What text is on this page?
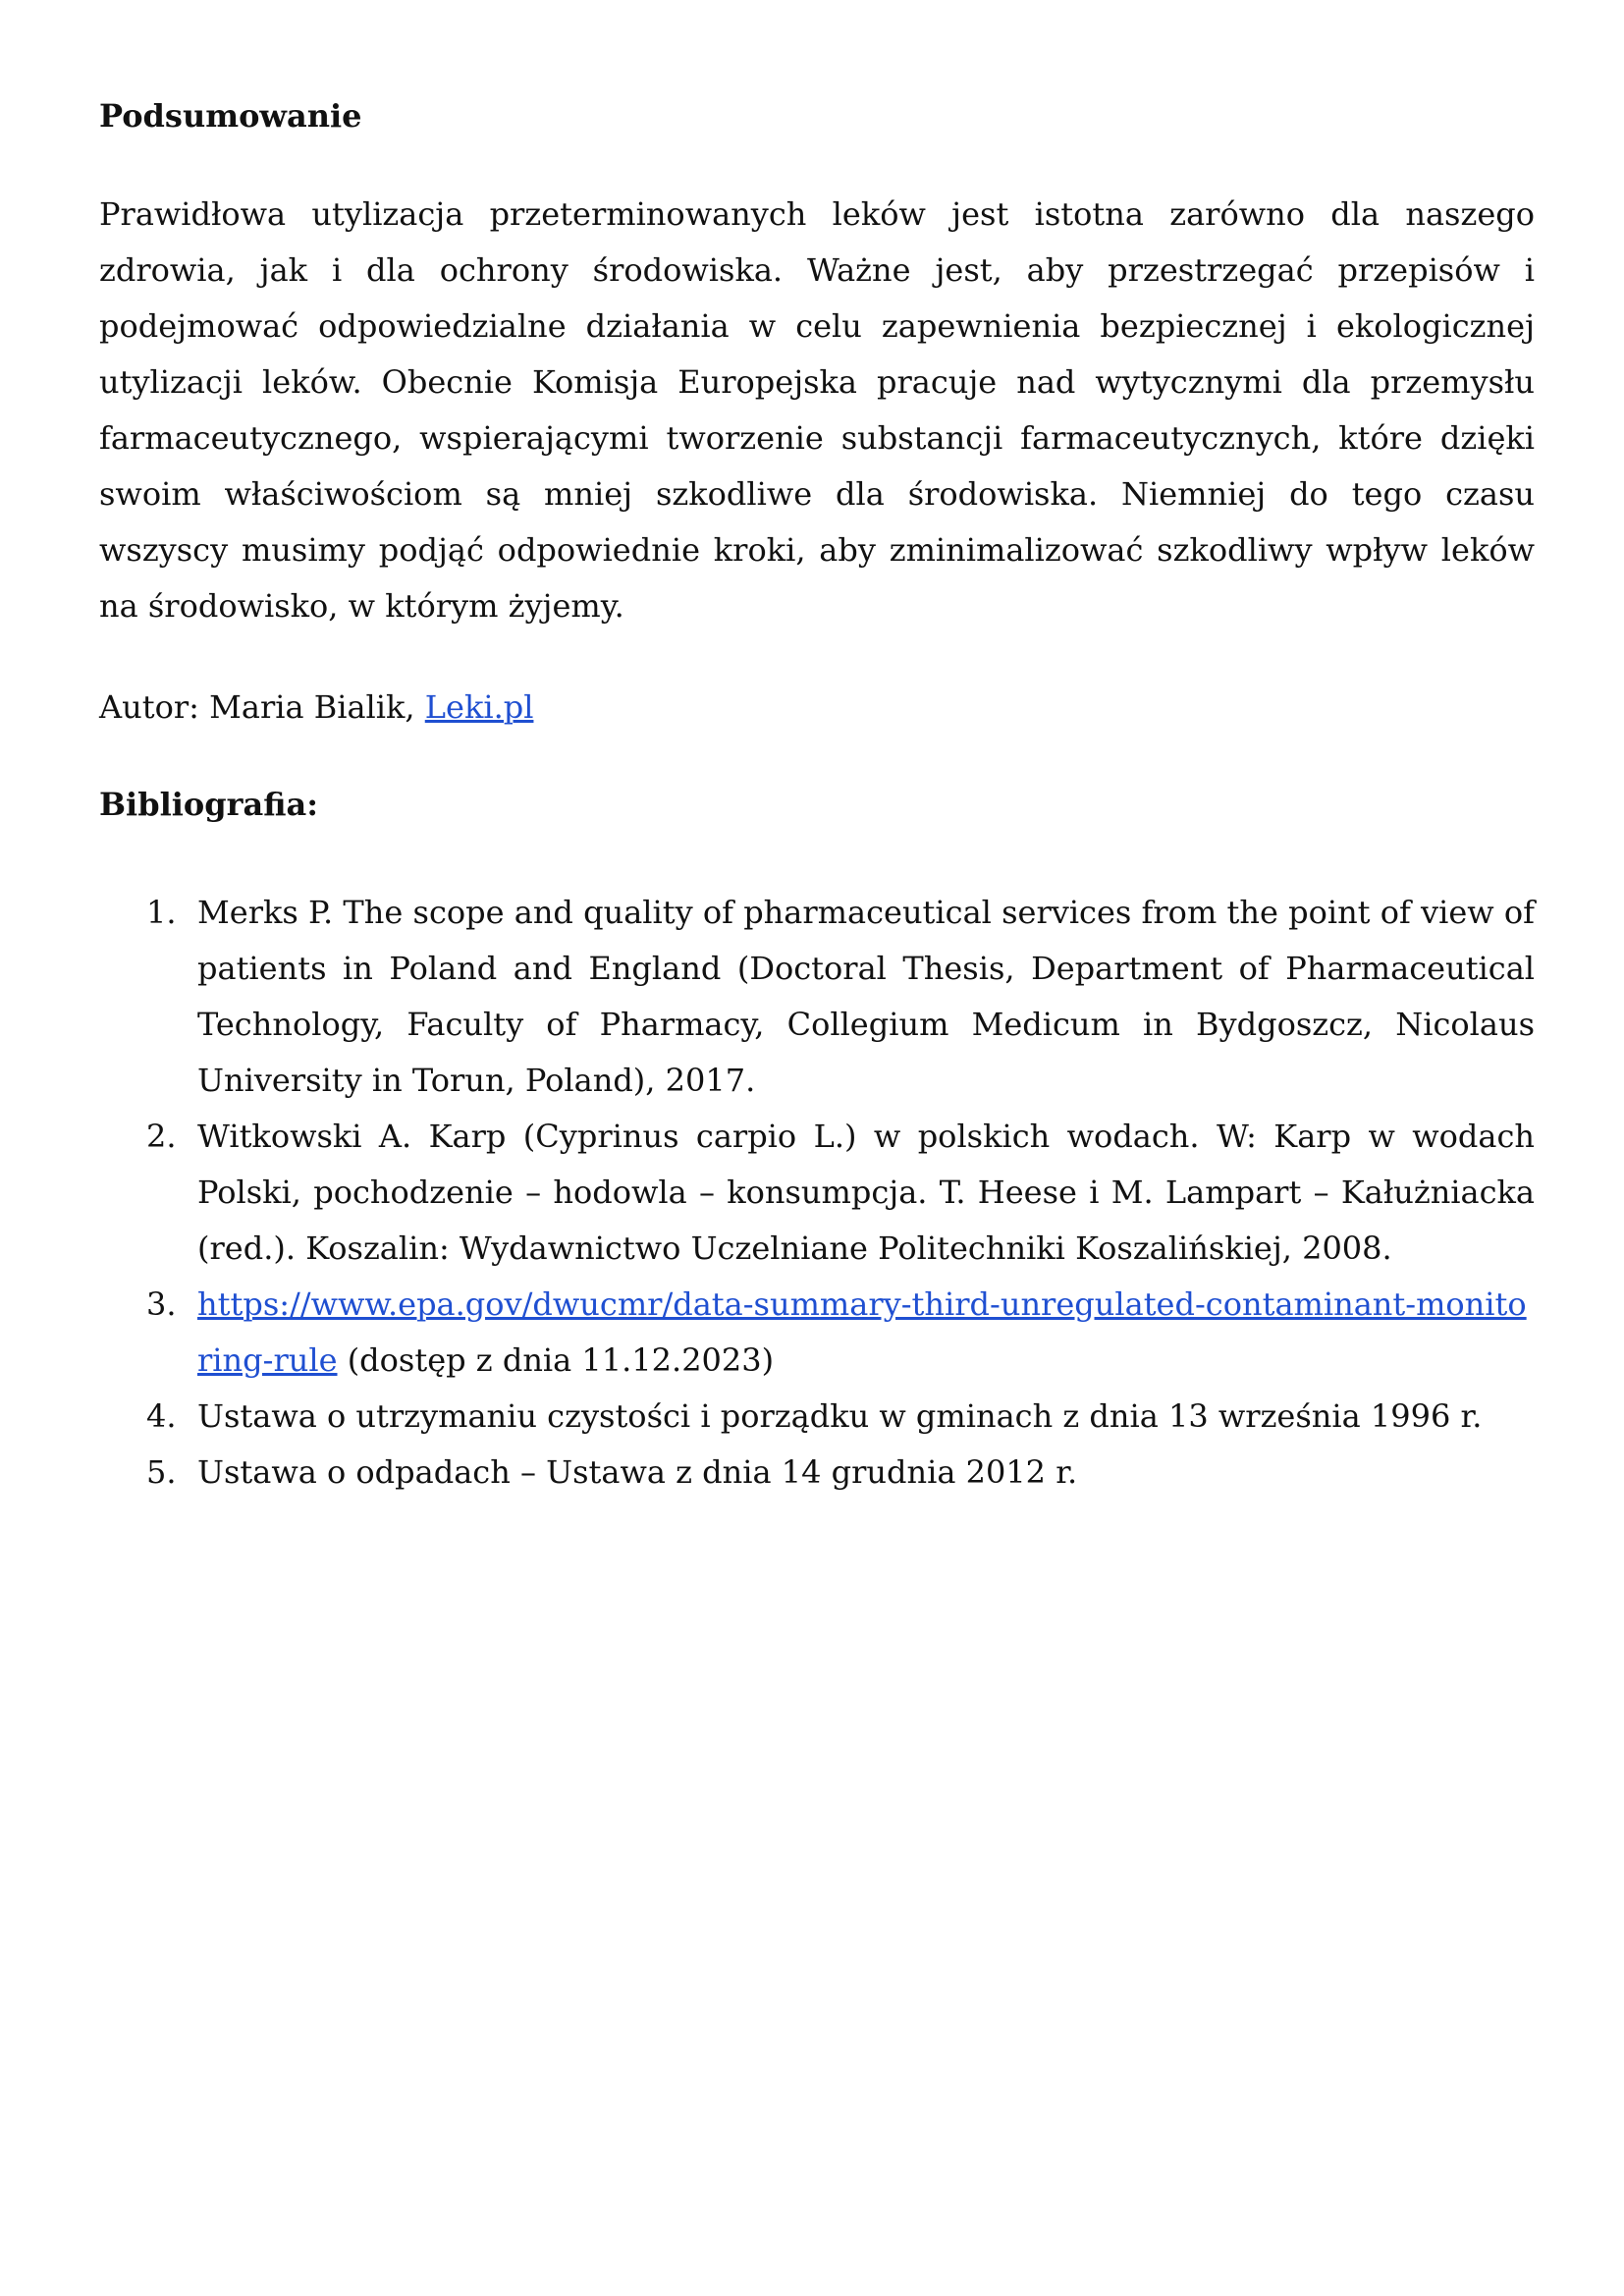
Podsumowanie

Prawidłowa utylizacja przeterminowanych leków jest istotna zarówno dla naszego zdrowia, jak i dla ochrony środowiska. Ważne jest, aby przestrzegać przepisów i podejmować odpowiedzialne działania w celu zapewnienia bezpiecznej i ekologicznej utylizacji leków. Obecnie Komisja Europejska pracuje nad wytycznymi dla przemysłu farmaceutycznego, wspierającymi tworzenie substancji farmaceutycznych, które dzięki swoim właściwościom są mniej szkodliwe dla środowiska. Niemniej do tego czasu wszyscy musimy podjąć odpowiednie kroki, aby zminimalizować szkodliwy wpływ leków na środowisko, w którym żyjemy.

Autor: Maria Bialik, Leki.pl

Bibliografia:
1. Merks P. The scope and quality of pharmaceutical services from the point of view of patients in Poland and England (Doctoral Thesis, Department of Pharmaceutical Technology, Faculty of Pharmacy, Collegium Medicum in Bydgoszcz, Nicolaus University in Torun, Poland), 2017.
2. Witkowski A. Karp (Cyprinus carpio L.) w polskich wodach. W: Karp w wodach Polski, pochodzenie – hodowla – konsumpcja. T. Heese i M. Lampart – Kałużniacka (red.). Koszalin: Wydawnictwo Uczelniane Politechniki Koszalińskiej, 2008.
3. https://www.epa.gov/dwucmr/data-summary-third-unregulated-contaminant-monitoring-rule (dostęp z dnia 11.12.2023)
4. Ustawa o utrzymaniu czystości i porządku w gminach z dnia 13 września 1996 r.
5. Ustawa o odpadach – Ustawa z dnia 14 grudnia 2012 r.
